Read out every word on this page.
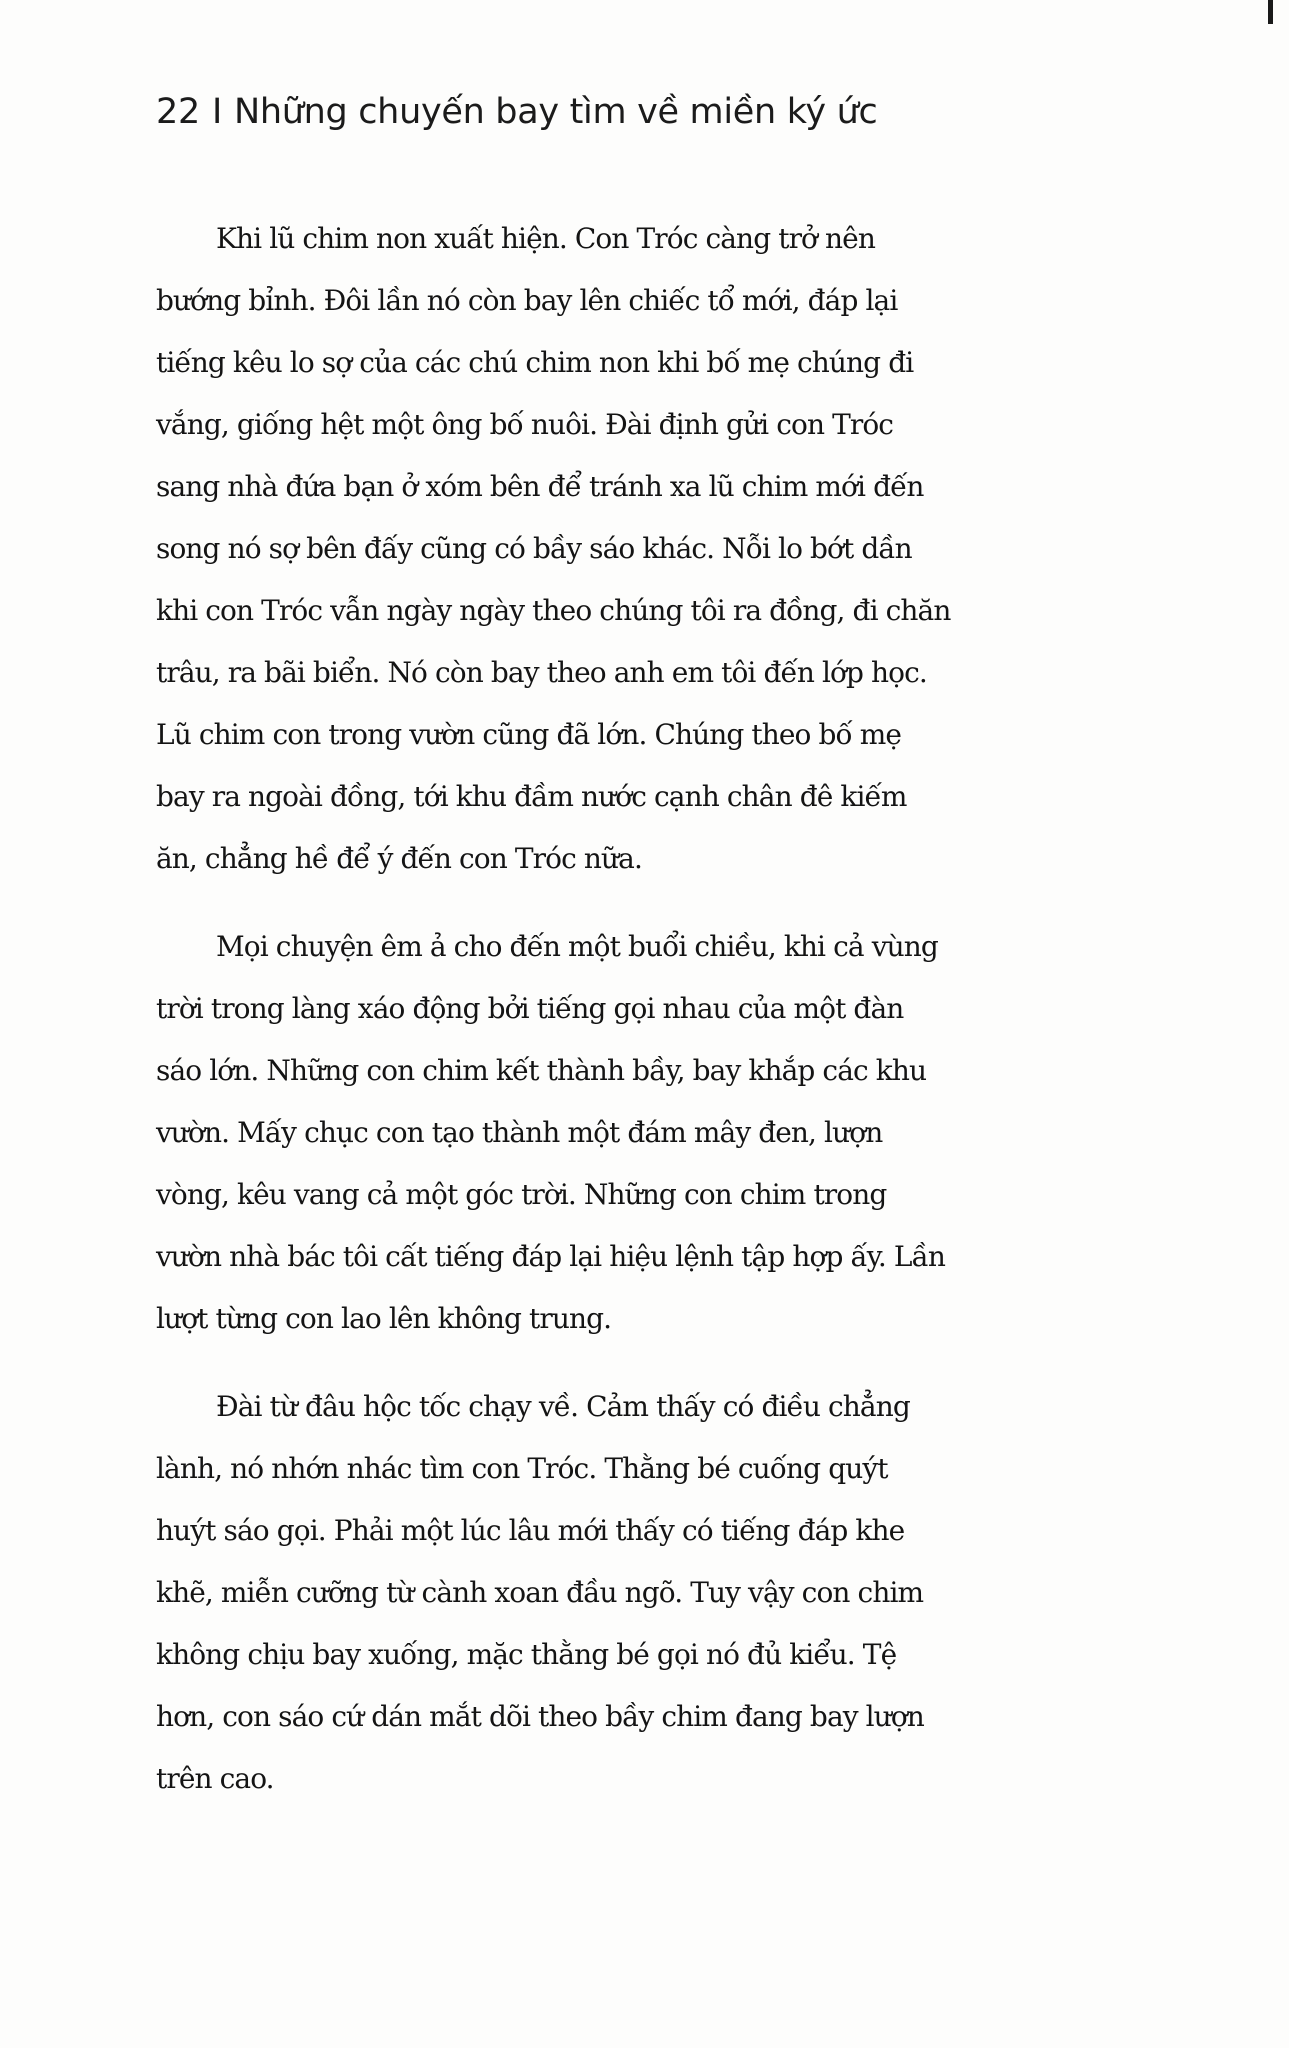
22 I Những chuyến bay tìm về miền ký ức

Khi lũ chim non xuất hiện. Con Tróc càng trở nên
bướng bỉnh. Đôi lần nó còn bay lên chiếc tổ mới, đáp lại
tiếng kêu lo sợ của các chú chim non khi bố mẹ chúng đi
vắng, giống hệt một ông bố nuôi. Đài định gửi con Tróc
sang nhà đứa bạn ở xóm bên để tránh xa lũ chim mới đến
song nó sợ bên đấy cũng có bầy sáo khác. Nỗi lo bớt dần
khi con Tróc vẫn ngày ngày theo chúng tôi ra đồng, đi chăn
trâu, ra bãi biển. Nó còn bay theo anh em tôi đến lớp học.
Lũ chim con trong vườn cũng đã lớn. Chúng theo bố mẹ
bay ra ngoài đồng, tới khu đầm nước cạnh chân đê kiếm
ăn, chẳng hề để ý đến con Tróc nữa.

Mọi chuyện êm ả cho đến một buổi chiều, khi cả vùng
trời trong làng xáo động bởi tiếng gọi nhau của một đàn
sáo lớn. Những con chim kết thành bầy, bay khắp các khu
vườn. Mấy chục con tạo thành một đám mây đen, lượn
vòng, kêu vang cả một góc trời. Những con chim trong
vườn nhà bác tôi cất tiếng đáp lại hiệu lệnh tập hợp ấy. Lần
lượt từng con lao lên không trung.

Đài từ đâu hộc tốc chạy về. Cảm thấy có điều chẳng
lành, nó nhớn nhác tìm con Tróc. Thằng bé cuống quýt
huýt sáo gọi. Phải một lúc lâu mới thấy có tiếng đáp khe
khẽ, miễn cưỡng từ cành xoan đầu ngõ. Tuy vậy con chim
không chịu bay xuống, mặc thằng bé gọi nó đủ kiểu. Tệ
hơn, con sáo cứ dán mắt dõi theo bầy chim đang bay lượn
trên cao.
